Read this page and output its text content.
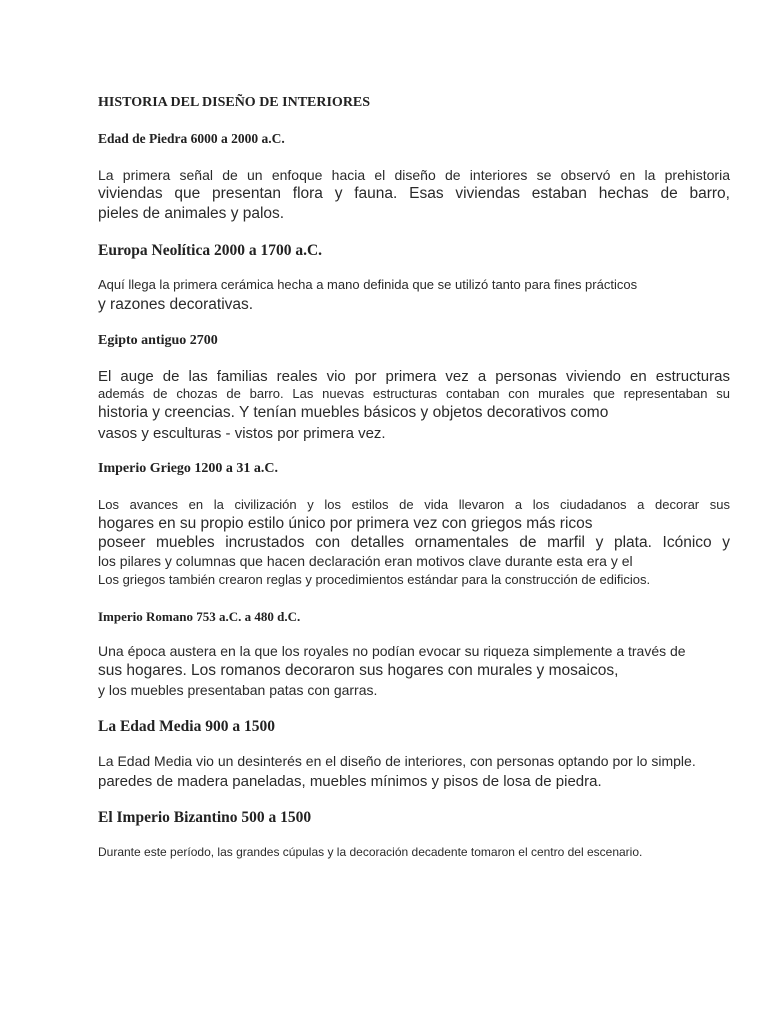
HISTORIA DEL DISEÑO DE INTERIORES
Edad de Piedra 6000 a 2000 a.C.
La primera señal de un enfoque hacia el diseño de interiores se observó en la prehistoria
viviendas que presentan flora y fauna. Esas viviendas estaban hechas de barro,
pieles de animales y palos.
Europa Neolítica 2000 a 1700 a.C.
Aquí llega la primera cerámica hecha a mano definida que se utilizó tanto para fines prácticos
y razones decorativas.
Egipto antiguo 2700
El auge de las familias reales vio por primera vez a personas viviendo en estructuras
además de chozas de barro. Las nuevas estructuras contaban con murales que representaban su
historia y creencias. Y tenían muebles básicos y objetos decorativos como
vasos y esculturas - vistos por primera vez.
Imperio Griego 1200 a 31 a.C.
Los avances en la civilización y los estilos de vida llevaron a los ciudadanos a decorar sus
hogares en su propio estilo único por primera vez con griegos más ricos
poseer muebles incrustados con detalles ornamentales de marfil y plata. Icónico y
los pilares y columnas que hacen declaración eran motivos clave durante esta era y el
Los griegos también crearon reglas y procedimientos estándar para la construcción de edificios.
Imperio Romano 753 a.C. a 480 d.C.
Una época austera en la que los royales no podían evocar su riqueza simplemente a través de
sus hogares. Los romanos decoraron sus hogares con murales y mosaicos,
y los muebles presentaban patas con garras.
La Edad Media 900 a 1500
La Edad Media vio un desinterés en el diseño de interiores, con personas optando por lo simple.
paredes de madera paneladas, muebles mínimos y pisos de losa de piedra.
El Imperio Bizantino 500 a 1500
Durante este período, las grandes cúpulas y la decoración decadente tomaron el centro del escenario.
